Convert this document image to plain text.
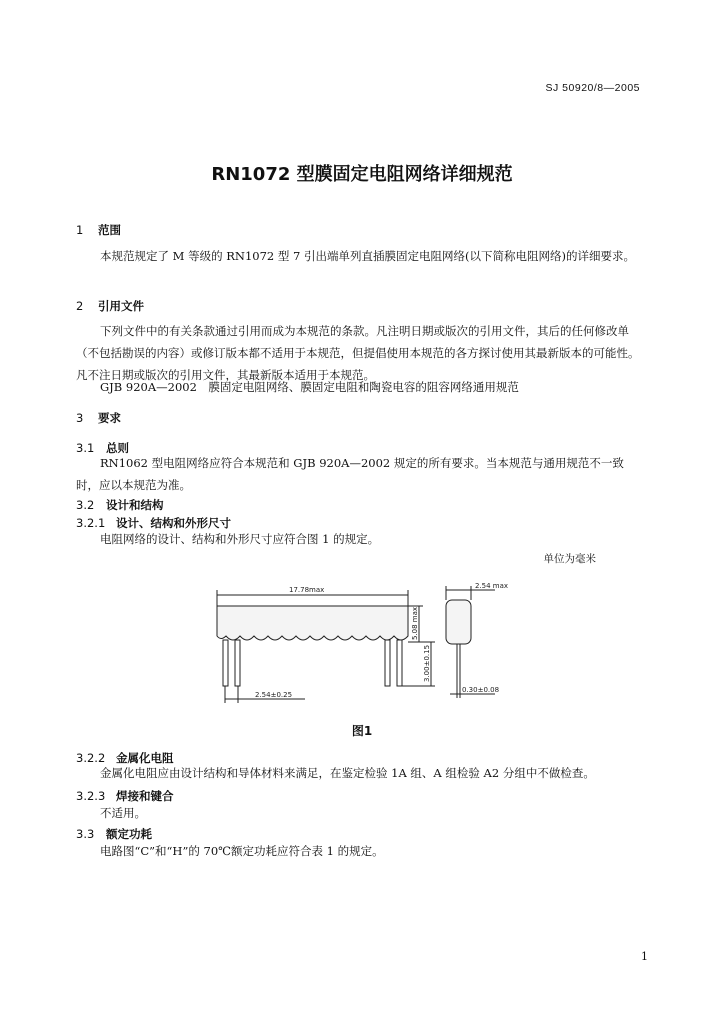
SJ 50920/8—2005
RN1072 型膜固定电阻网络详细规范
1 范围
本规范规定了 M 等级的 RN1072 型 7 引出端单列直插膜固定电阻网络(以下简称电阻网络)的详细要求。
2 引用文件
下列文件中的有关条款通过引用而成为本规范的条款。凡注明日期或版次的引用文件，其后的任何修改单（不包括勘误的内容）或修订版本都不适用于本规范，但提倡使用本规范的各方探讨使用其最新版本的可能性。凡不注日期或版次的引用文件，其最新版本适用于本规范。
GJB 920A—2002　膜固定电阻网络、膜固定电阻和陶瓷电容的阻容网络通用规范
3 要求
3.1 总则
RN1062 型电阻网络应符合本规范和 GJB 920A—2002 规定的所有要求。当本规范与通用规范不一致时，应以本规范为准。
3.2 设计和结构
3.2.1 设计、结构和外形尺寸
电阻网络的设计、结构和外形尺寸应符合图 1 的规定。
单位为毫米
17.78max	2.54 max
2.54±0.25
0.30±0.08
5.08 max
3.00±0.15
图1
3.2.2 金属化电阻
金属化电阻应由设计结构和导体材料来满足，在鉴定检验 1A 组、A 组检验 A2 分组中不做检查。
3.2.3 焊接和键合
不适用。
3.3 额定功耗
电路图“C”和“H”的 70℃额定功耗应符合表 1 的规定。
1
